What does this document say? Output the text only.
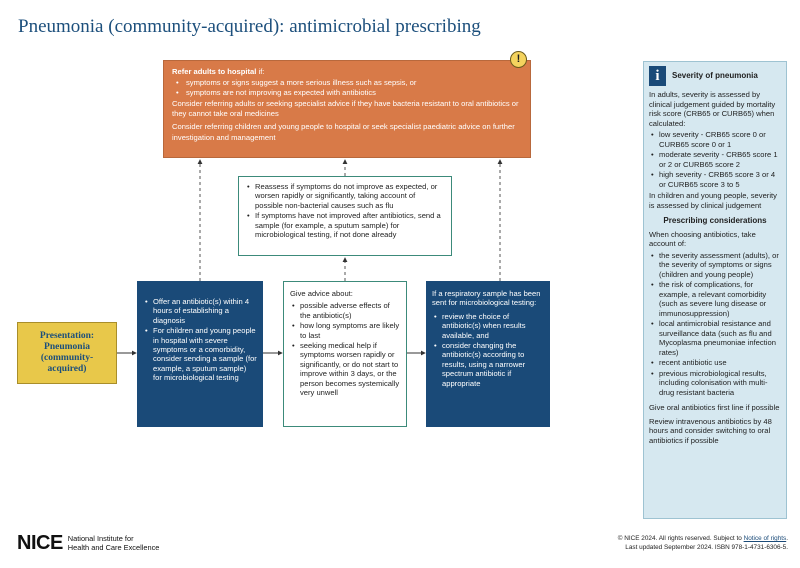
Pneumonia (community-acquired): antimicrobial prescribing

Refer adults to hospital if:

• symptoms or signs suggest a more serious illness such as sepsis, or
• symptoms are not improving as expected with antibiotics

Consider referring adults or seeking specialist advice if they have bacteria resistant to oral antibiotics or they cannot take oral medicines

Consider referring children and young people to hospital or seek specialist paediatric advice on further investigation and management

!
• Reassess if symptoms do not improve as expected, or worsen rapidly or significantly, taking account of possible non-bacterial causes such as flu
• If symptoms have not improved after antibiotics, send a sample (for example, a sputum sample) for microbiological testing, if not done already
Presentation: Pneumonia (community-acquired)
• Offer an antibiotic(s) within 4 hours of establishing a diagnosis
• For children and young people in hospital with severe symptoms or a comorbidity, consider sending a sample (for example, a sputum sample) for microbiological testing
Give advice about:
• possible adverse effects of the antibiotic(s)
• how long symptoms are likely to last
• seeking medical help if symptoms worsen rapidly or significantly, or do not start to improve within 3 days, or the person becomes systemically very unwell
If a respiratory sample has been sent for microbiological testing:
• review the choice of antibiotic(s) when results available, and
• consider changing the antibiotic(s) according to results, using a narrower spectrum antibiotic if appropriate
i	Severity of pneumonia

In adults, severity is assessed by clinical judgement guided by mortality risk score (CRB65 or CURB65) when calculated:

• low severity - CRB65 score 0 or CURB65 score 0 or 1
• moderate severity - CRB65 score 1 or 2 or CURB65 score 2
• high severity - CRB65 score 3 or 4 or CURB65 score 3 to 5

In children and young people, severity is assessed by clinical judgement

Prescribing considerations

When choosing antibiotics, take account of:

• the severity assessment (adults), or the severity of symptoms or signs (children and young people)
• the risk of complications, for example, a relevant comorbidity (such as severe lung disease or immunosuppression)
• local antimicrobial resistance and surveillance data (such as flu and Mycoplasma pneumoniae infection rates)
• recent antibiotic use
• previous microbiological results, including colonisation with multi-drug resistant bacteria

Give oral antibiotics first line if possible

Review intravenous antibiotics by 48 hours and consider switching to oral antibiotics if possible

NICE National Institute for
Health and Care Excellence
© NICE 2024. All rights reserved. Subject to Notice of rights.
Last updated September 2024. ISBN 978-1-4731-6306-5.
